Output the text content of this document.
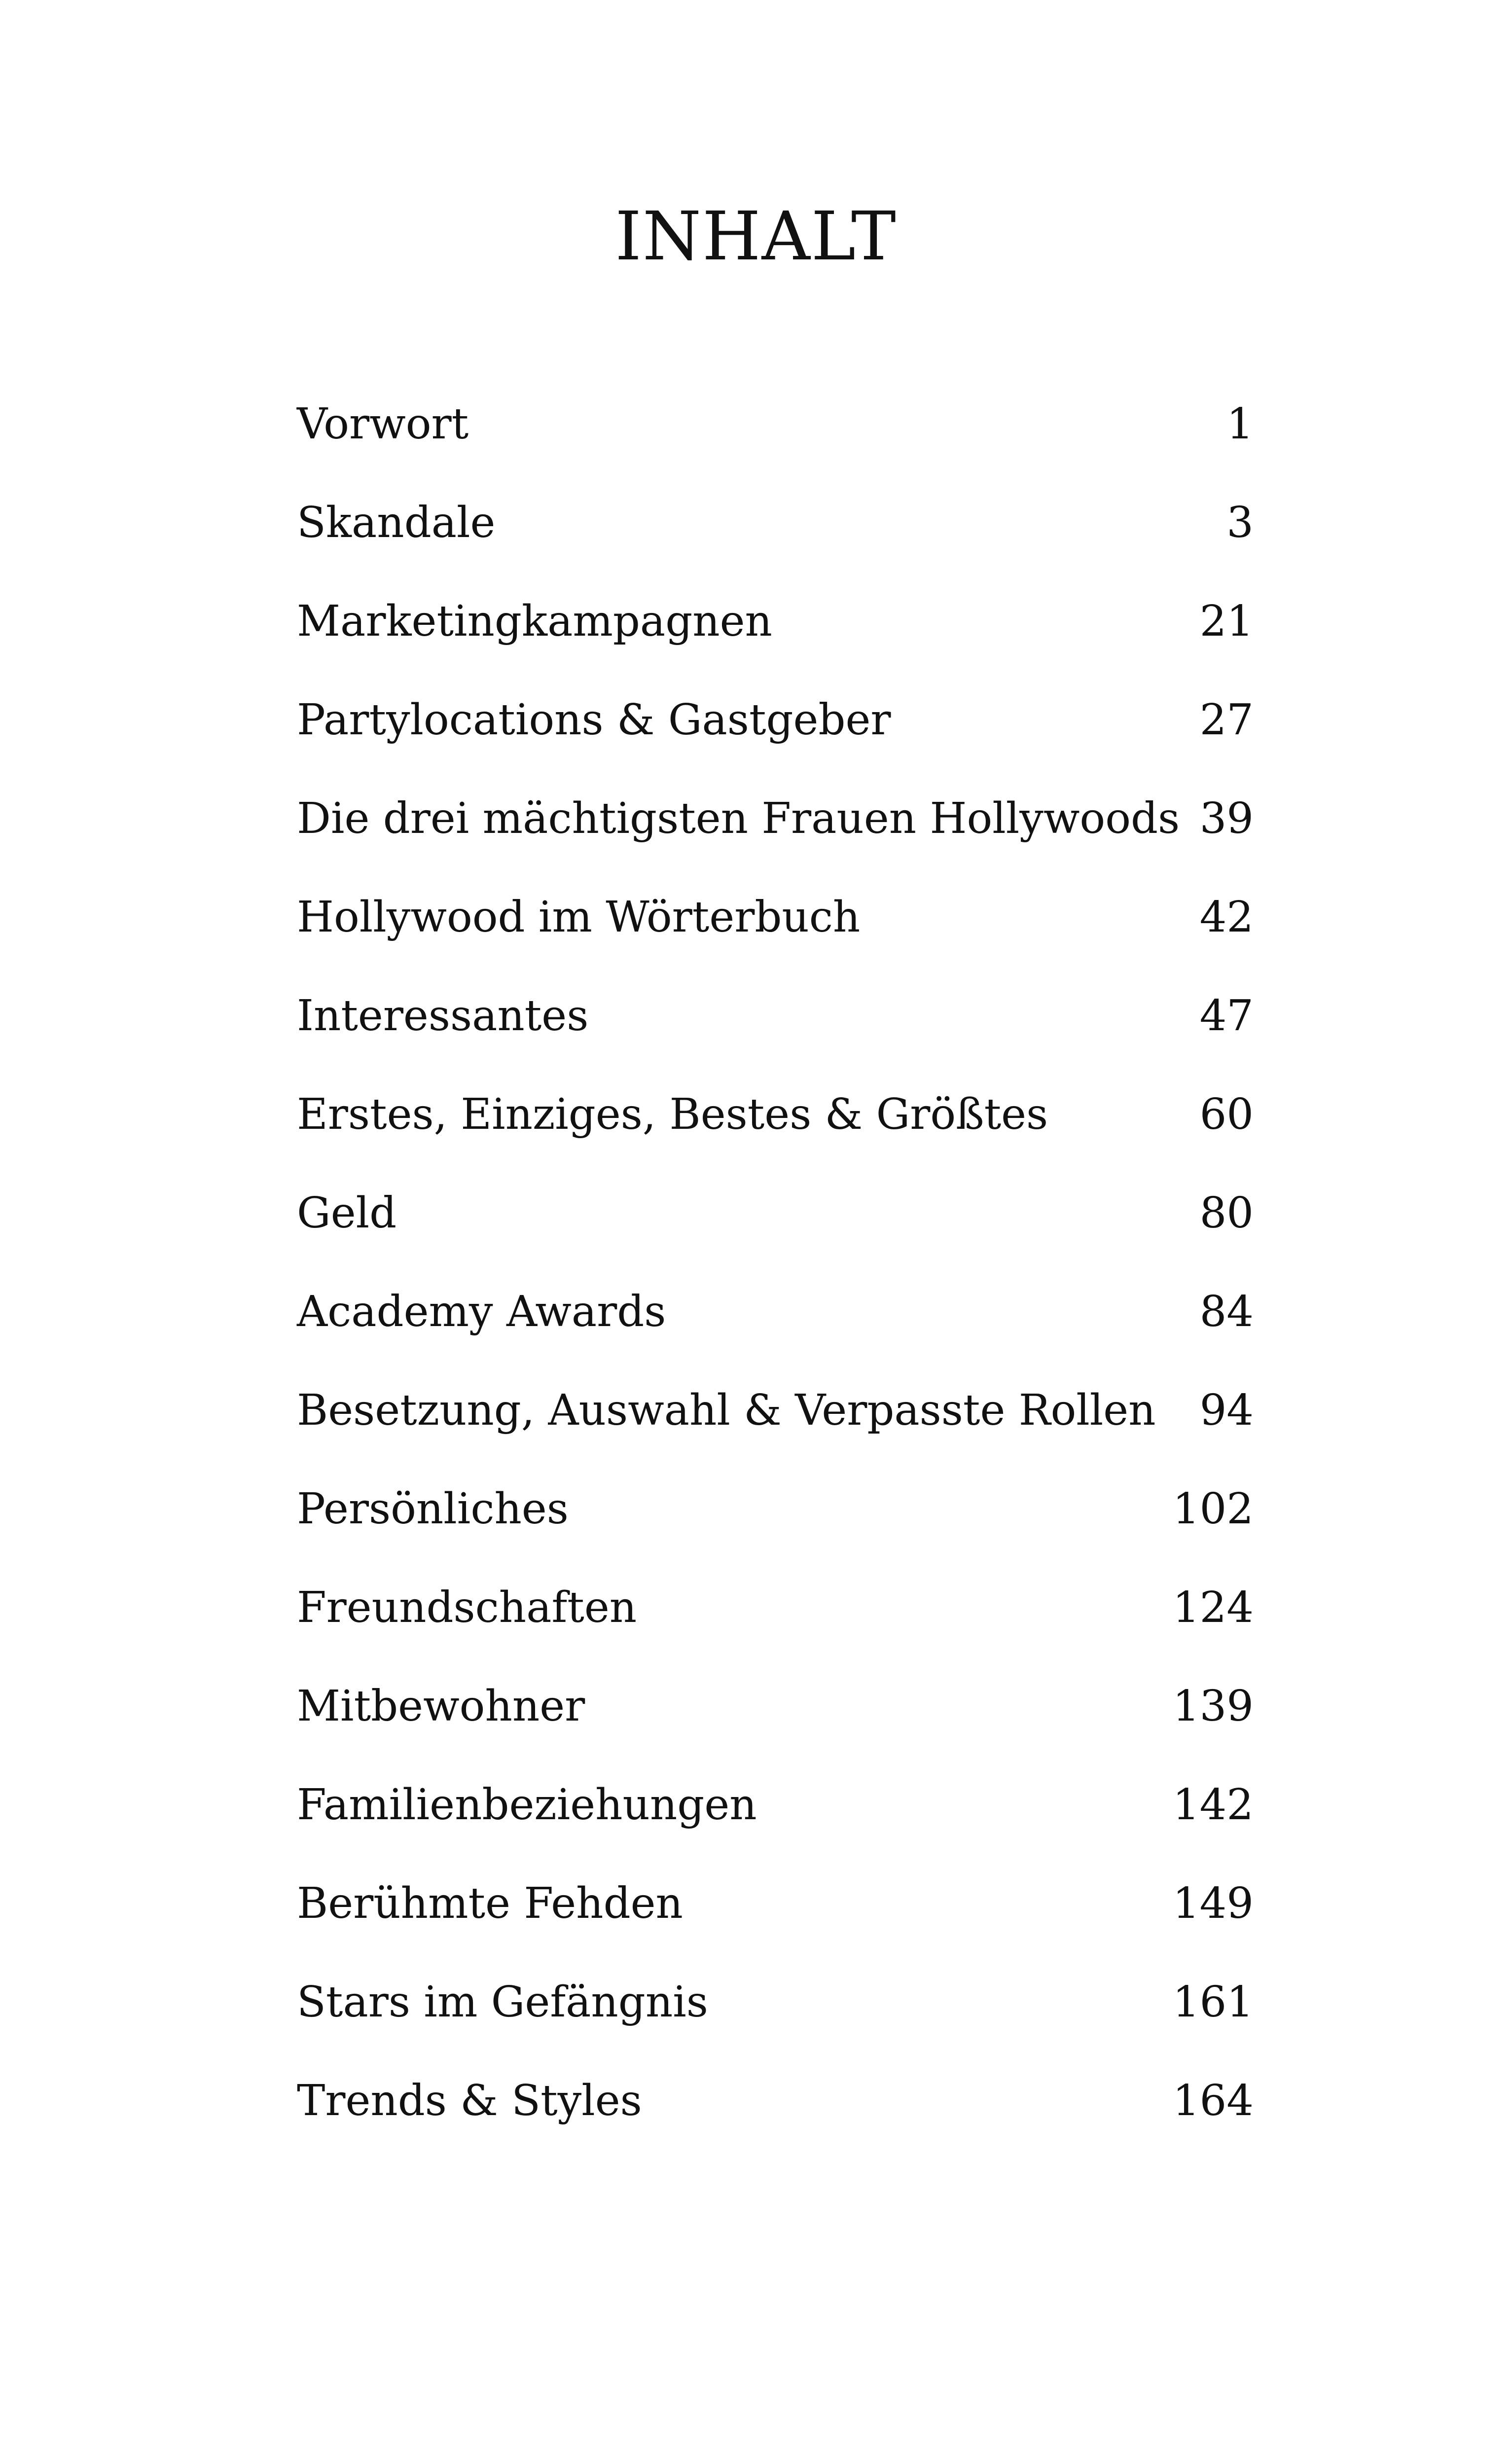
INHALT
Vorwort	1
Skandale	3
Marketingkampagnen	21
Partylocations & Gastgeber	27
Die drei mächtigsten Frauen Hollywoods 39
Hollywood im Wörterbuch	42
Interessantes	47
Erstes, Einziges, Bestes & Größtes	60
Geld	80
Academy Awards	84
Besetzung, Auswahl & Verpasste Rollen 94
Persönliches	102
Freundschaften	124
Mitbewohner	139
Familienbeziehungen	142
Berühmte Fehden	149
Stars im Gefängnis	161
Trends & Styles	164
